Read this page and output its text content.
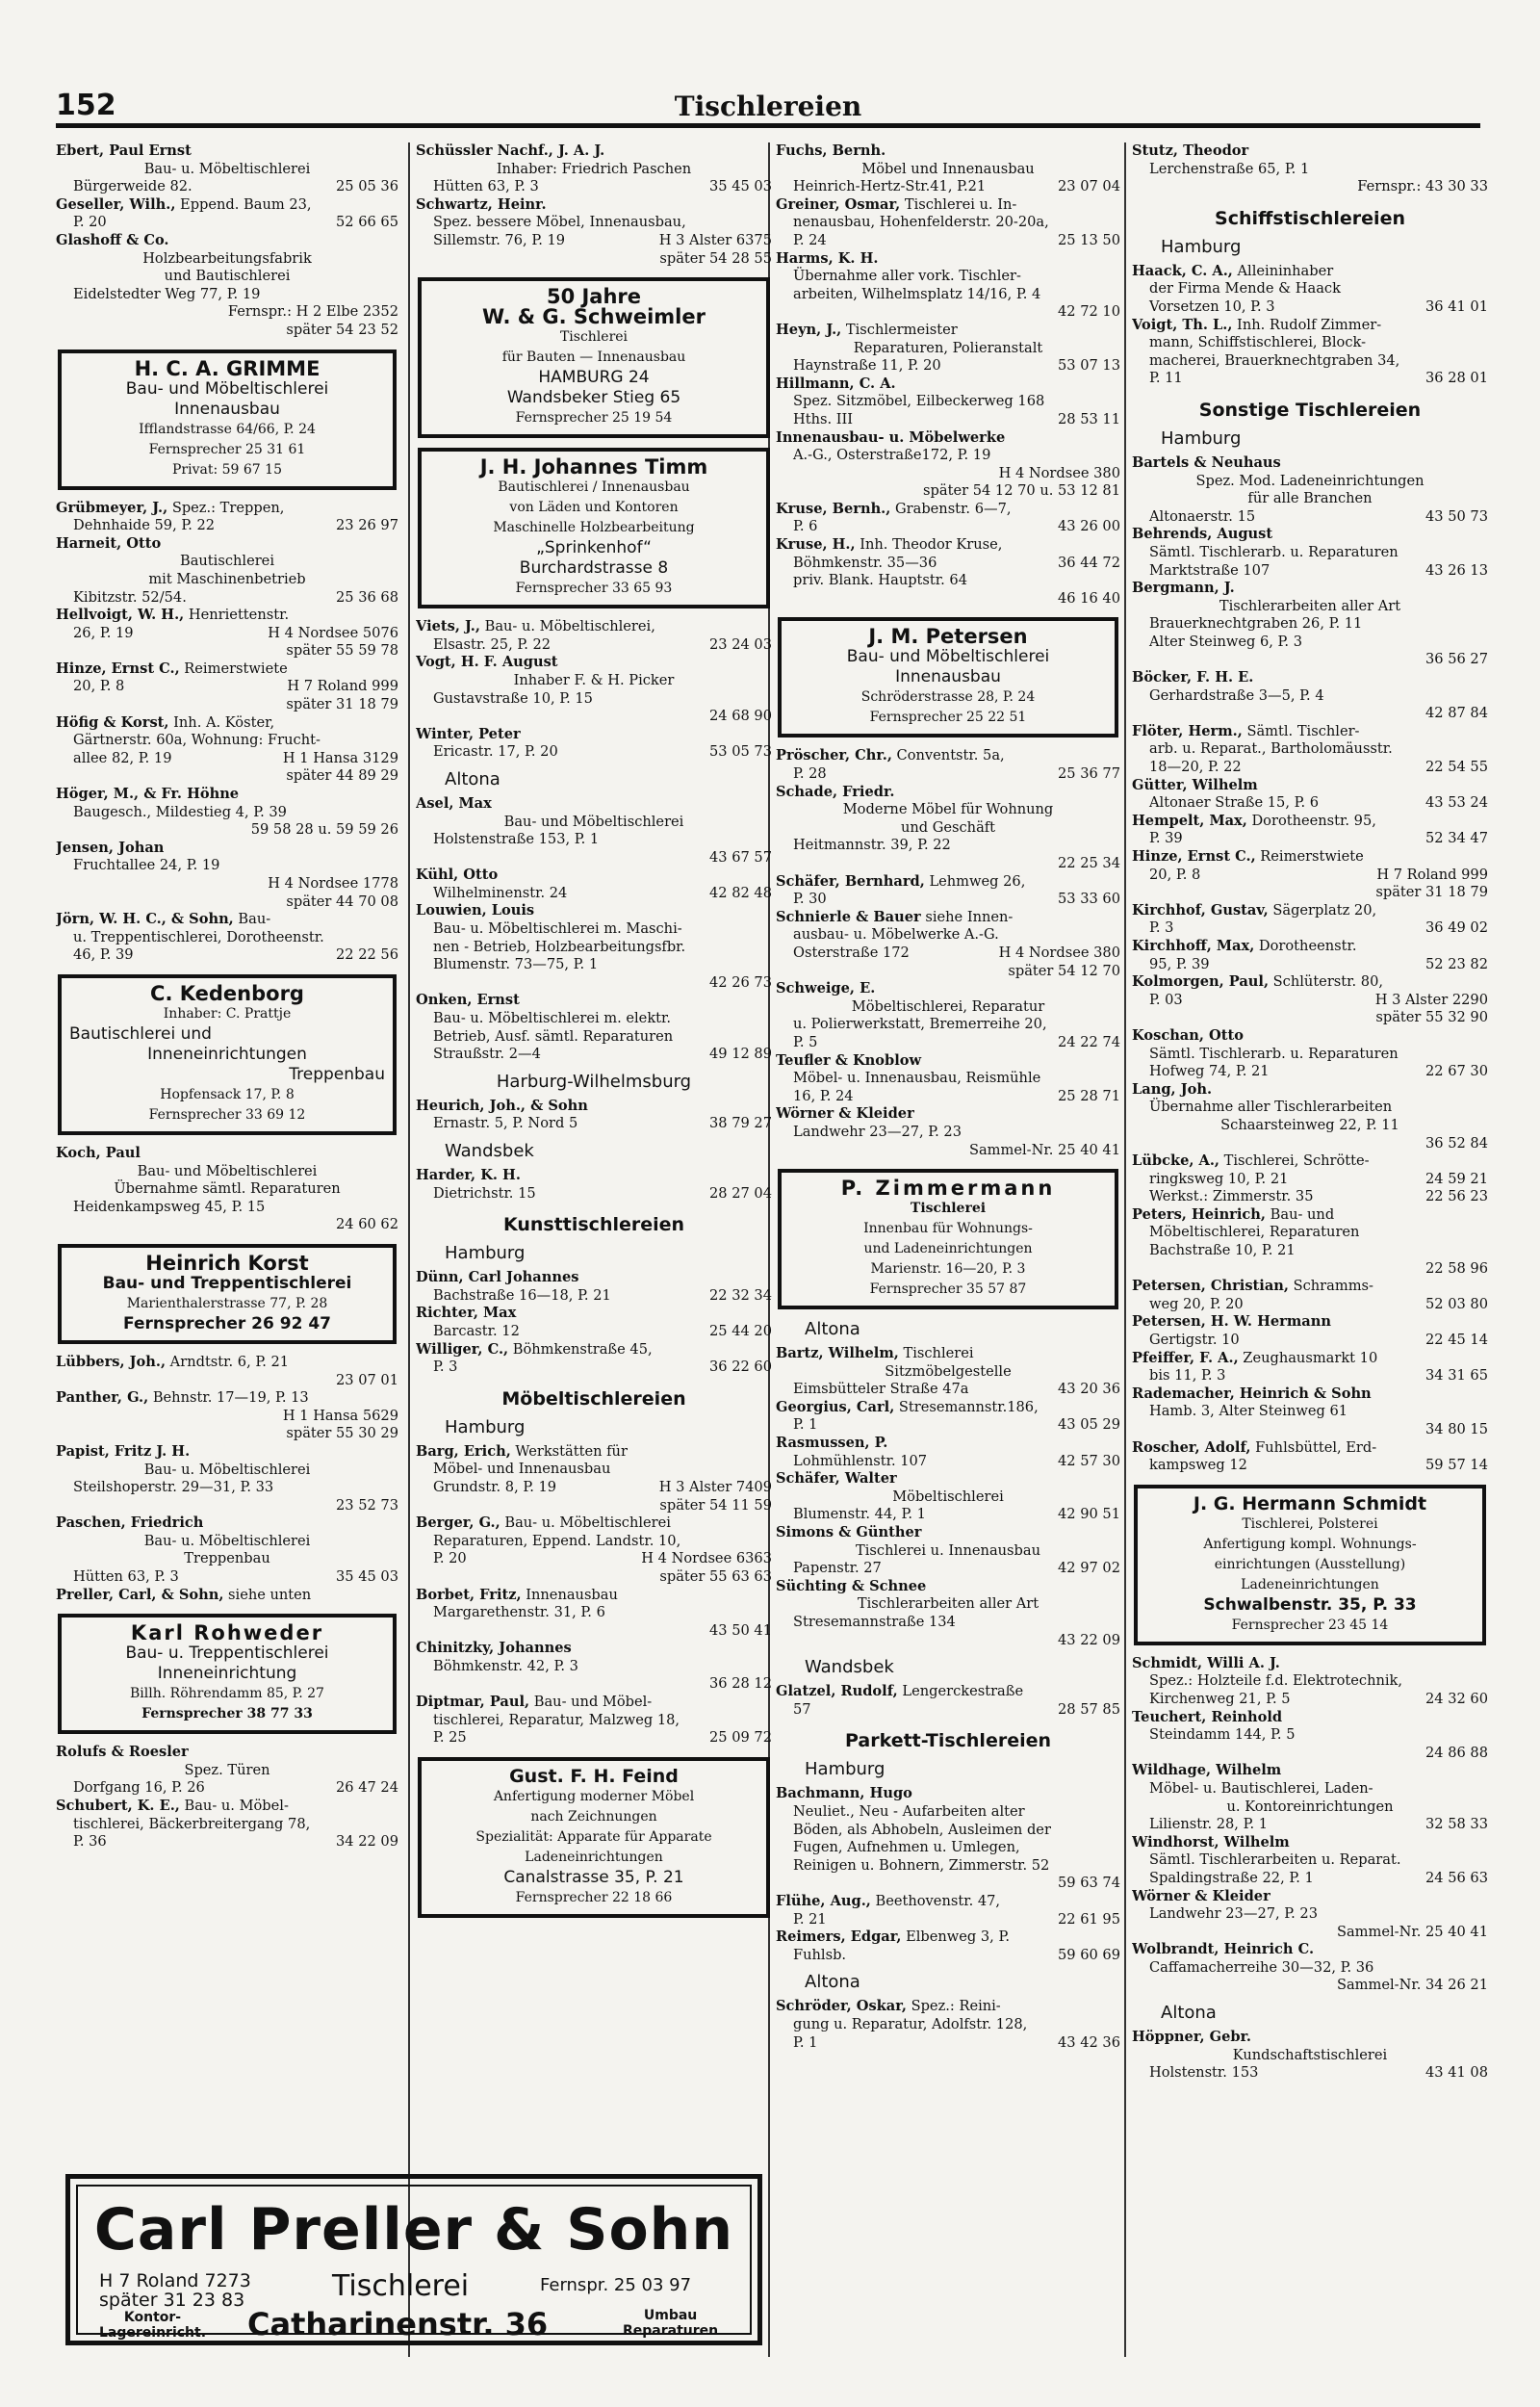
152	Tischlereien
Ebert, Paul Ernst
Bau- u. Möbeltischlerei
Bürgerweide 82.	25 05 36
Geseller, Wilh., Eppend. Baum 23,
P. 20	52 66 65
Glashoff & Co.
Holzbearbeitungsfabrik
und Bautischlerei
Eidelstedter Weg 77, P. 19
Fernspr.: H 2 Elbe 2352
später 54 23 52
H. C. A. GRIMME
Bau- und Möbeltischlerei
Innenausbau
Ifflandstrasse 64/66, P. 24
Fernsprecher 25 31 61
Privat: 59 67 15
Grübmeyer, J., Spez.: Treppen,
Dehnhaide 59, P. 22	23 26 97
Harneit, Otto
Bautischlerei
mit Maschinenbetrieb
Kibitzstr. 52/54.	25 36 68
Hellvoigt, W. H., Henriettenstr.
26, P. 19	H 4 Nordsee 5076
später 55 59 78
Hinze, Ernst C., Reimerstwiete
20, P. 8	H 7 Roland 999
später 31 18 79
Höfig & Korst, Inh. A. Köster,
Gärtnerstr. 60a, Wohnung: Frucht-
allee 82, P. 19	H 1 Hansa 3129
später 44 89 29
Höger, M., & Fr. Höhne
Baugesch., Mildestieg 4, P. 39
59 58 28 u. 59 59 26
Jensen, Johan
Fruchtallee 24, P. 19
H 4 Nordsee 1778
später 44 70 08
Jörn, W. H. C., & Sohn, Bau-
u. Treppentischlerei, Dorotheenstr.
46, P. 39	22 22 56
C. Kedenborg
Inhaber: C. Prattje
Bautischlerei und
Inneneinrichtungen
Treppenbau
Hopfensack 17, P. 8
Fernsprecher 33 69 12
Koch, Paul
Bau- und Möbeltischlerei
Übernahme sämtl. Reparaturen
Heidenkampsweg 45, P. 15
24 60 62
Heinrich Korst
Bau- und Treppentischlerei
Marienthalerstrasse 77, P. 28
Fernsprecher 26 92 47
Lübbers, Joh., Arndtstr. 6, P. 21
23 07 01
Panther, G., Behnstr. 17—19, P. 13
H 1 Hansa 5629
später 55 30 29
Papist, Fritz J. H.
Bau- u. Möbeltischlerei
Steilshoperstr. 29—31, P. 33
23 52 73
Paschen, Friedrich
Bau- u. Möbeltischlerei
Treppenbau
Hütten 63, P. 3	35 45 03
Preller, Carl, & Sohn, siehe unten
Karl Rohweder
Bau- u. Treppentischlerei
Inneneinrichtung
Billh. Röhrendamm 85, P. 27
Fernsprecher 38 77 33
Rolufs & Roesler
Spez. Türen
Dorfgang 16, P. 26	26 47 24
Schubert, K. E., Bau- u. Möbel-
tischlerei, Bäckerbreitergang 78,
P. 36	34 22 09
Schüssler Nachf., J. A. J.
Inhaber: Friedrich Paschen
Hütten 63, P. 3	35 45 03
Schwartz, Heinr.
Spez. bessere Möbel, Innenausbau,
Sillemstr. 76, P. 19	H 3 Alster 6375
später 54 28 55
50 Jahre
W. & G. Schweimler
Tischlerei
für Bauten — Innenausbau
HAMBURG 24
Wandsbeker Stieg 65
Fernsprecher 25 19 54
J. H. Johannes Timm
Bautischlerei / Innenausbau
von Läden und Kontoren
Maschinelle Holzbearbeitung
„Sprinkenhof“
Burchardstrasse 8
Fernsprecher 33 65 93
Viets, J., Bau- u. Möbeltischlerei,
Elsastr. 25, P. 22	23 24 03
Vogt, H. F. August
Inhaber F. & H. Picker
Gustavstraße 10, P. 15
24 68 90
Winter, Peter
Ericastr. 17, P. 20	53 05 73
Altona
Asel, Max
Bau- und Möbeltischlerei
Holstenstraße 153, P. 1
43 67 57
Kühl, Otto
Wilhelminenstr. 24	42 82 48
Louwien, Louis
Bau- u. Möbeltischlerei m. Maschi-
nen - Betrieb, Holzbearbeitungsfbr.
Blumenstr. 73—75, P. 1
42 26 73
Onken, Ernst
Bau- u. Möbeltischlerei m. elektr.
Betrieb, Ausf. sämtl. Reparaturen
Straußstr. 2—4	49 12 89
Harburg-Wilhelmsburg
Heurich, Joh., & Sohn
Ernastr. 5, P. Nord 5	38 79 27
Wandsbek
Harder, K. H.
Dietrichstr. 15	28 27 04
Kunsttischlereien
Hamburg
Dünn, Carl Johannes
Bachstraße 16—18, P. 21	22 32 34
Richter, Max
Barcastr. 12	25 44 20
Williger, C., Böhmkenstraße 45,
P. 3	36 22 60
Möbeltischlereien
Hamburg
Barg, Erich, Werkstätten für
Möbel- und Innenausbau
Grundstr. 8, P. 19	H 3 Alster 7409
später 54 11 59
Berger, G., Bau- u. Möbeltischlerei
Reparaturen, Eppend. Landstr. 10,
P. 20	H 4 Nordsee 6363
später 55 63 63
Borbet, Fritz, Innenausbau
Margarethenstr. 31, P. 6
43 50 41
Chinitzky, Johannes
Böhmkenstr. 42, P. 3
36 28 12
Diptmar, Paul, Bau- und Möbel-
tischlerei, Reparatur, Malzweg 18,
P. 25	25 09 72
Gust. F. H. Feind
Anfertigung moderner Möbel
nach Zeichnungen
Spezialität: Apparate für Apparate
Ladeneinrichtungen
Canalstrasse 35, P. 21
Fernsprecher 22 18 66
Fuchs, Bernh.
Möbel und Innenausbau
Heinrich-Hertz-Str.41, P.21	23 07 04
Greiner, Osmar, Tischlerei u. In-
nenausbau, Hohenfelderstr. 20-20a,
P. 24	25 13 50
Harms, K. H.
Übernahme aller vork. Tischler-
arbeiten, Wilhelmsplatz 14/16, P. 4
42 72 10
Heyn, J., Tischlermeister
Reparaturen, Polieranstalt
Haynstraße 11, P. 20	53 07 13
Hillmann, C. A.
Spez. Sitzmöbel, Eilbeckerweg 168
Hths. III	28 53 11
Innenausbau- u. Möbelwerke
A.-G., Osterstraße172, P. 19
H 4 Nordsee 380
später 54 12 70 u. 53 12 81
Kruse, Bernh., Grabenstr. 6—7,
P. 6	43 26 00
Kruse, H., Inh. Theodor Kruse,
Böhmkenstr. 35—36	36 44 72
priv. Blank. Hauptstr. 64
46 16 40
J. M. Petersen
Bau- und Möbeltischlerei
Innenausbau
Schröderstrasse 28, P. 24
Fernsprecher 25 22 51
Pröscher, Chr., Conventstr. 5a,
P. 28	25 36 77
Schade, Friedr.
Moderne Möbel für Wohnung
und Geschäft
Heitmannstr. 39, P. 22
22 25 34
Schäfer, Bernhard, Lehmweg 26,
P. 30	53 33 60
Schnierle & Bauer siehe Innen-
ausbau- u. Möbelwerke A.-G.
Osterstraße 172	H 4 Nordsee 380
später 54 12 70
Schweige, E.
Möbeltischlerei, Reparatur
u. Polierwerkstatt, Bremerreihe 20,
P. 5	24 22 74
Teufler & Knoblow
Möbel- u. Innenausbau, Reismühle
16, P. 24	25 28 71
Wörner & Kleider
Landwehr 23—27, P. 23
Sammel-Nr. 25 40 41
P. Zimmermann
Tischlerei
Innenbau für Wohnungs-
und Ladeneinrichtungen
Marienstr. 16—20, P. 3
Fernsprecher 35 57 87
Altona
Bartz, Wilhelm, Tischlerei
Sitzmöbelgestelle
Eimsbütteler Straße 47a	43 20 36
Georgius, Carl, Stresemannstr.186,
P. 1	43 05 29
Rasmussen, P.
Lohmühlenstr. 107	42 57 30
Schäfer, Walter
Möbeltischlerei
Blumenstr. 44, P. 1	42 90 51
Simons & Günther
Tischlerei u. Innenausbau
Papenstr. 27	42 97 02
Süchting & Schnee
Tischlerarbeiten aller Art
Stresemannstraße 134
43 22 09
Wandsbek
Glatzel, Rudolf, Lengerckestraße
57	28 57 85
Parkett-Tischlereien
Hamburg
Bachmann, Hugo
Neuliet., Neu - Aufarbeiten alter
Böden, als Abhobeln, Ausleimen der
Fugen, Aufnehmen u. Umlegen,
Reinigen u. Bohnern, Zimmerstr. 52
59 63 74
Flühe, Aug., Beethovenstr. 47,
P. 21	22 61 95
Reimers, Edgar, Elbenweg 3, P.
Fuhlsb.	59 60 69
Altona
Schröder, Oskar, Spez.: Reini-
gung u. Reparatur, Adolfstr. 128,
P. 1	43 42 36
Stutz, Theodor
Lerchenstraße 65, P. 1
Fernspr.: 43 30 33
Schiffstischlereien
Hamburg
Haack, C. A., Alleininhaber
der Firma Mende & Haack
Vorsetzen 10, P. 3	36 41 01
Voigt, Th. L., Inh. Rudolf Zimmer-
mann, Schiffstischlerei, Block-
macherei, Brauerknechtgraben 34,
P. 11	36 28 01
Sonstige Tischlereien
Hamburg
Bartels & Neuhaus
Spez. Mod. Ladeneinrichtungen
für alle Branchen
Altonaerstr. 15	43 50 73
Behrends, August
Sämtl. Tischlerarb. u. Reparaturen
Marktstraße 107	43 26 13
Bergmann, J.
Tischlerarbeiten aller Art
Brauerknechtgraben 26, P. 11
Alter Steinweg 6, P. 3
36 56 27
Böcker, F. H. E.
Gerhardstraße 3—5, P. 4
42 87 84
Flöter, Herm., Sämtl. Tischler-
arb. u. Reparat., Bartholomäusstr.
18—20, P. 22	22 54 55
Gütter, Wilhelm
Altonaer Straße 15, P. 6	43 53 24
Hempelt, Max, Dorotheenstr. 95,
P. 39	52 34 47
Hinze, Ernst C., Reimerstwiete
20, P. 8	H 7 Roland 999
später 31 18 79
Kirchhof, Gustav, Sägerplatz 20,
P. 3	36 49 02
Kirchhoff, Max, Dorotheenstr.
95, P. 39	52 23 82
Kolmorgen, Paul, Schlüterstr. 80,
P. 03	H 3 Alster 2290
später 55 32 90
Koschan, Otto
Sämtl. Tischlerarb. u. Reparaturen
Hofweg 74, P. 21	22 67 30
Lang, Joh.
Übernahme aller Tischlerarbeiten
Schaarsteinweg 22, P. 11
36 52 84
Lübcke, A., Tischlerei, Schrötte-
ringksweg 10, P. 21	24 59 21
Werkst.: Zimmerstr. 35	22 56 23
Peters, Heinrich, Bau- und
Möbeltischlerei, Reparaturen
Bachstraße 10, P. 21
22 58 96
Petersen, Christian, Schramms-
weg 20, P. 20	52 03 80
Petersen, H. W. Hermann
Gertigstr. 10	22 45 14
Pfeiffer, F. A., Zeughausmarkt 10
bis 11, P. 3	34 31 65
Rademacher, Heinrich & Sohn
Hamb. 3, Alter Steinweg 61
34 80 15
Roscher, Adolf, Fuhlsbüttel, Erd-
kampsweg 12	59 57 14
J. G. Hermann Schmidt
Tischlerei, Polsterei
Anfertigung kompl. Wohnungs-
einrichtungen (Ausstellung)
Ladeneinrichtungen
Schwalbenstr. 35, P. 33
Fernsprecher 23 45 14
Schmidt, Willi A. J.
Spez.: Holzteile f.d. Elektrotechnik,
Kirchenweg 21, P. 5	24 32 60
Teuchert, Reinhold
Steindamm 144, P. 5
24 86 88
Wildhage, Wilhelm
Möbel- u. Bautischlerei, Laden-
u. Kontoreinrichtungen
Lilienstr. 28, P. 1	32 58 33
Windhorst, Wilhelm
Sämtl. Tischlerarbeiten u. Reparat.
Spaldingstraße 22, P. 1	24 56 63
Wörner & Kleider
Landwehr 23—27, P. 23
Sammel-Nr. 25 40 41
Wolbrandt, Heinrich C.
Caffamacherreihe 30—32, P. 36
Sammel-Nr. 34 26 21
Altona
Höppner, Gebr.
Kundschaftstischlerei
Holstenstr. 153	43 41 08
Carl Preller & Sohn
H 7 Roland 7273
später 31 23 83	Tischlerei	Fernspr. 25 03 97
Kontor-
Lagereinricht. Catharinenstr. 36	Umbau
Reparaturen
